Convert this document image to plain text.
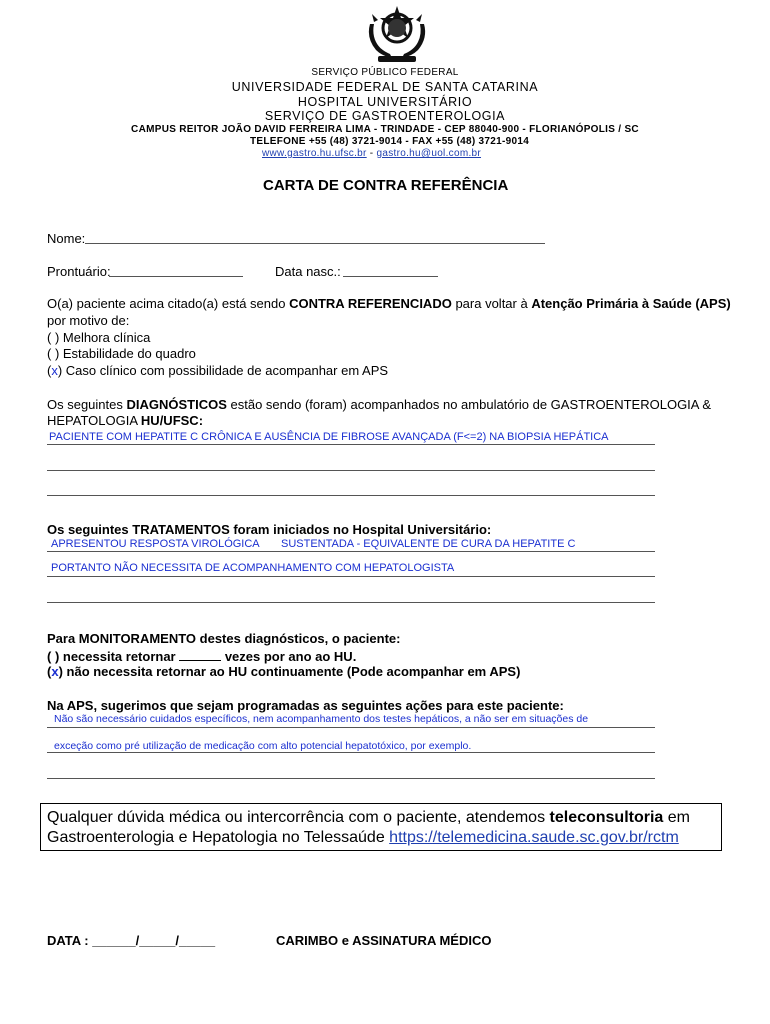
SERVIÇO PÚBLICO FEDERAL
UNIVERSIDADE FEDERAL DE SANTA CATARINA
HOSPITAL UNIVERSITÁRIO
SERVIÇO DE GASTROENTEROLOGIA
CAMPUS REITOR JOÃO DAVID FERREIRA LIMA - TRINDADE - CEP 88040-900 - FLORIANÓPOLIS / SC
TELEFONE +55 (48) 3721-9014 - FAX +55 (48) 3721-9014
www.gastro.hu.ufsc.br - gastro.hu@uol.com.br
CARTA DE CONTRA REFERÊNCIA
Nome:
Prontuário:	Data nasc.:
O(a) paciente acima citado(a) está sendo CONTRA REFERENCIADO para voltar à Atenção Primária à Saúde (APS)
por motivo de:
( ) Melhora clínica
( ) Estabilidade do quadro
(x) Caso clínico com possibilidade de acompanhar em APS
Os seguintes DIAGNÓSTICOS estão sendo (foram) acompanhados no ambulatório de GASTROENTEROLOGIA &
HEPATOLOGIA HU/UFSC:
PACIENTE COM HEPATITE C CRÔNICA E AUSÊNCIA DE FIBROSE AVANÇADA (F<=2) NA BIOPSIA HEPÁTICA
Os seguintes TRATAMENTOS foram iniciados no Hospital Universitário:
APRESENTOU RESPOSTA VIROLÓGICA SUSTENTADA - EQUIVALENTE DE CURA DA HEPATITE C
PORTANTO NÃO NECESSITA DE ACOMPANHAMENTO COM HEPATOLOGISTA
Para MONITORAMENTO destes diagnósticos, o paciente:
( ) necessita retornar	vezes por ano ao HU.
(x) não necessita retornar ao HU continuamente (Pode acompanhar em APS)
Na APS, sugerimos que sejam programadas as seguintes ações para este paciente:
Não são necessário cuidados específicos, nem acompanhamento dos testes hepáticos, a não ser em situações de
exceção como pré utilização de medicação com alto potencial hepatotóxico, por exemplo.
Qualquer dúvida médica ou intercorrência com o paciente, atendemos teleconsultoria em
Gastroenterologia e Hepatologia no Telessaúde https://telemedicina.saude.sc.gov.br/rctm
DATA : ______/_____/_____	CARIMBO e ASSINATURA MÉDICO
